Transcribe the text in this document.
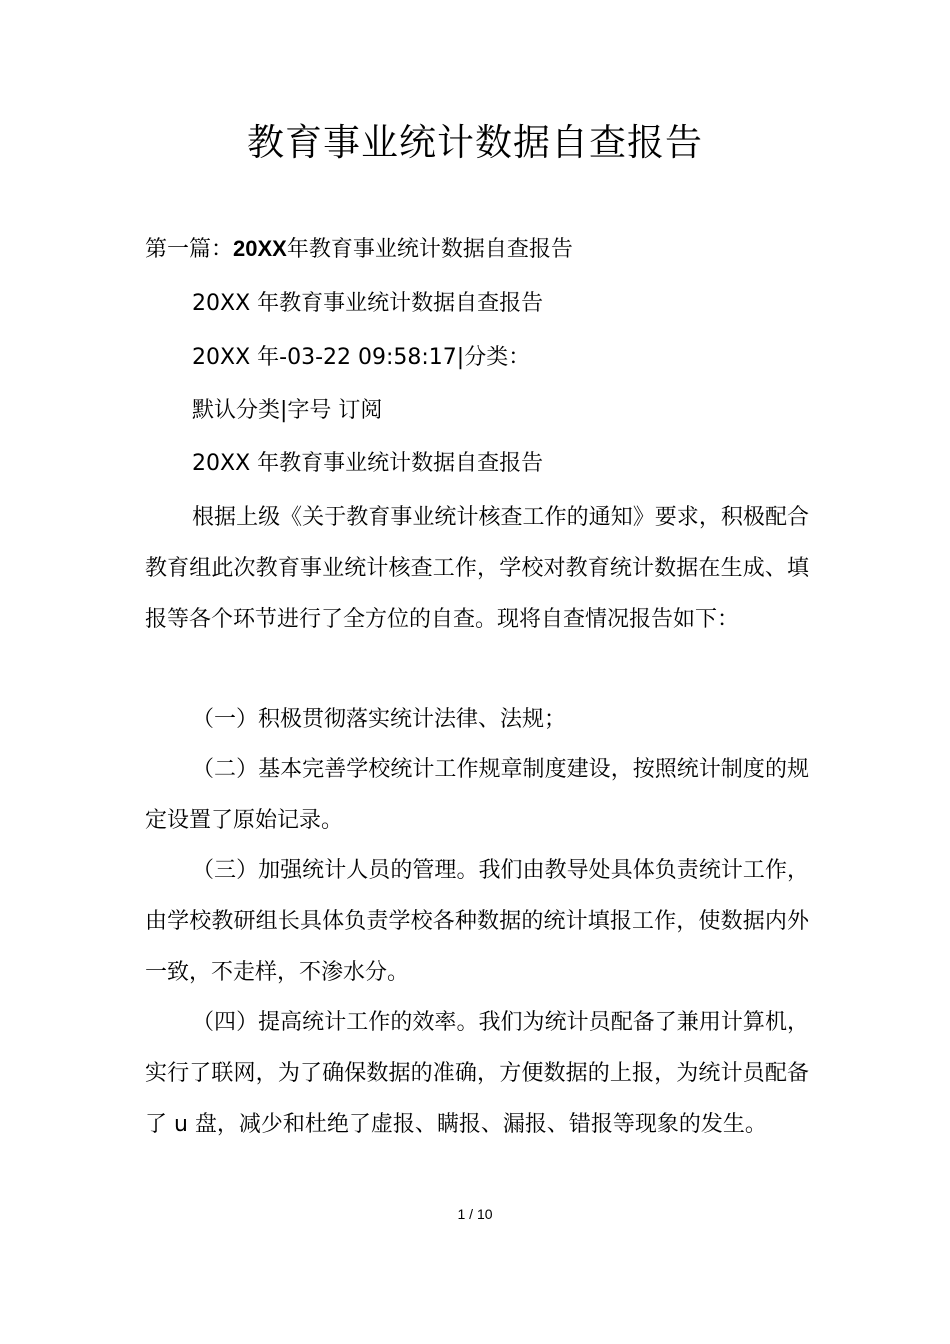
教育事业统计数据自查报告
第一篇：20XX年教育事业统计数据自查报告
20XX 年教育事业统计数据自查报告
20XX 年-03-22 09:58:17|分类：
默认分类|字号 订阅
20XX 年教育事业统计数据自查报告

根据上级《关于教育事业统计核查工作的通知》要求，积极配合教育组此次教育事业统计核查工作，学校对教育统计数据在生成、填报等各个环节进行了全方位的自查。现将自查情况报告如下：

（一）积极贯彻落实统计法律、法规；

（二）基本完善学校统计工作规章制度建设，按照统计制度的规定设置了原始记录。

（三）加强统计人员的管理。我们由教导处具体负责统计工作，由学校教研组长具体负责学校各种数据的统计填报工作，使数据内外一致，不走样，不渗水分。

（四）提高统计工作的效率。我们为统计员配备了兼用计算机，实行了联网，为了确保数据的准确，方便数据的上报，为统计员配备了 u 盘，减少和杜绝了虚报、瞒报、漏报、错报等现象的发生。

1 / 10
